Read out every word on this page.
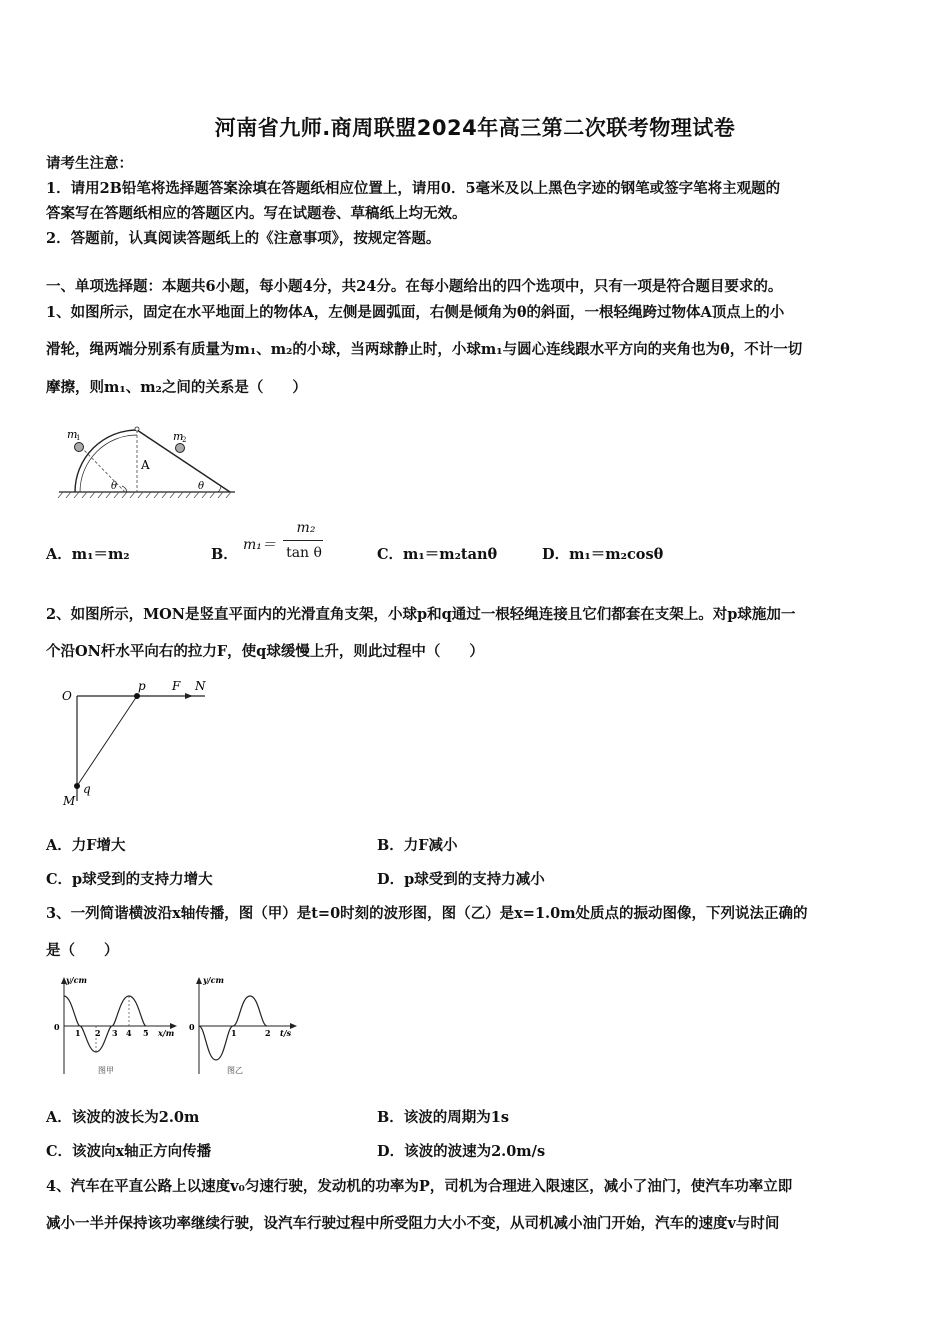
河南省九师.商周联盟2024年高三第二次联考物理试卷
请考生注意：
1．请用2B铅笔将选择题答案涂填在答题纸相应位置上，请用0．5毫米及以上黑色字迹的钢笔或签字笔将主观题的
答案写在答题纸相应的答题区内。写在试题卷、草稿纸上均无效。
2．答题前，认真阅读答题纸上的《注意事项》，按规定答题。
一、单项选择题：本题共6小题，每小题4分，共24分。在每小题给出的四个选项中，只有一项是符合题目要求的。
1、如图所示，固定在水平地面上的物体A，左侧是圆弧面，右侧是倾角为θ的斜面，一根轻绳跨过物体A顶点上的小
滑轮，绳两端分别系有质量为m₁、m₂的小球，当两球静止时，小球m₁与圆心连线跟水平方向的夹角也为θ，不计一切
摩擦，则m₁、m₂之间的关系是（　　）
m
1	m
2
A
θ	θ
A．m₁＝m₂	B．
m₁＝
m₂
tan θ	C．m₁＝m₂tanθ	D．m₁＝m₂cosθ
2、如图所示，MON是竖直平面内的光滑直角支架，小球p和q通过一根轻绳连接且它们都套在支架上。对p球施加一
个沿ON杆水平向右的拉力F，使q球缓慢上升，则此过程中（　　）
O
p F N
M
q
A．力F增大	B．力F减小
C．p球受到的支持力增大	D．p球受到的支持力减小
3、一列简谐横波沿x轴传播，图（甲）是t=0时刻的波形图，图（乙）是x=1.0m处质点的振动图像，下列说法正确的
是（　　）
y/cm
0
1 2 3 4 5 x/m
图甲
y/cm
0
1	2 t/s
图乙
A．该波的波长为2.0m	B．该波的周期为1s
C．该波向x轴正方向传播	D．该波的波速为2.0m/s
4、汽车在平直公路上以速度v₀匀速行驶，发动机的功率为P，司机为合理进入限速区，减小了油门，使汽车功率立即
减小一半并保持该功率继续行驶，设汽车行驶过程中所受阻力大小不变，从司机减小油门开始，汽车的速度v与时间
